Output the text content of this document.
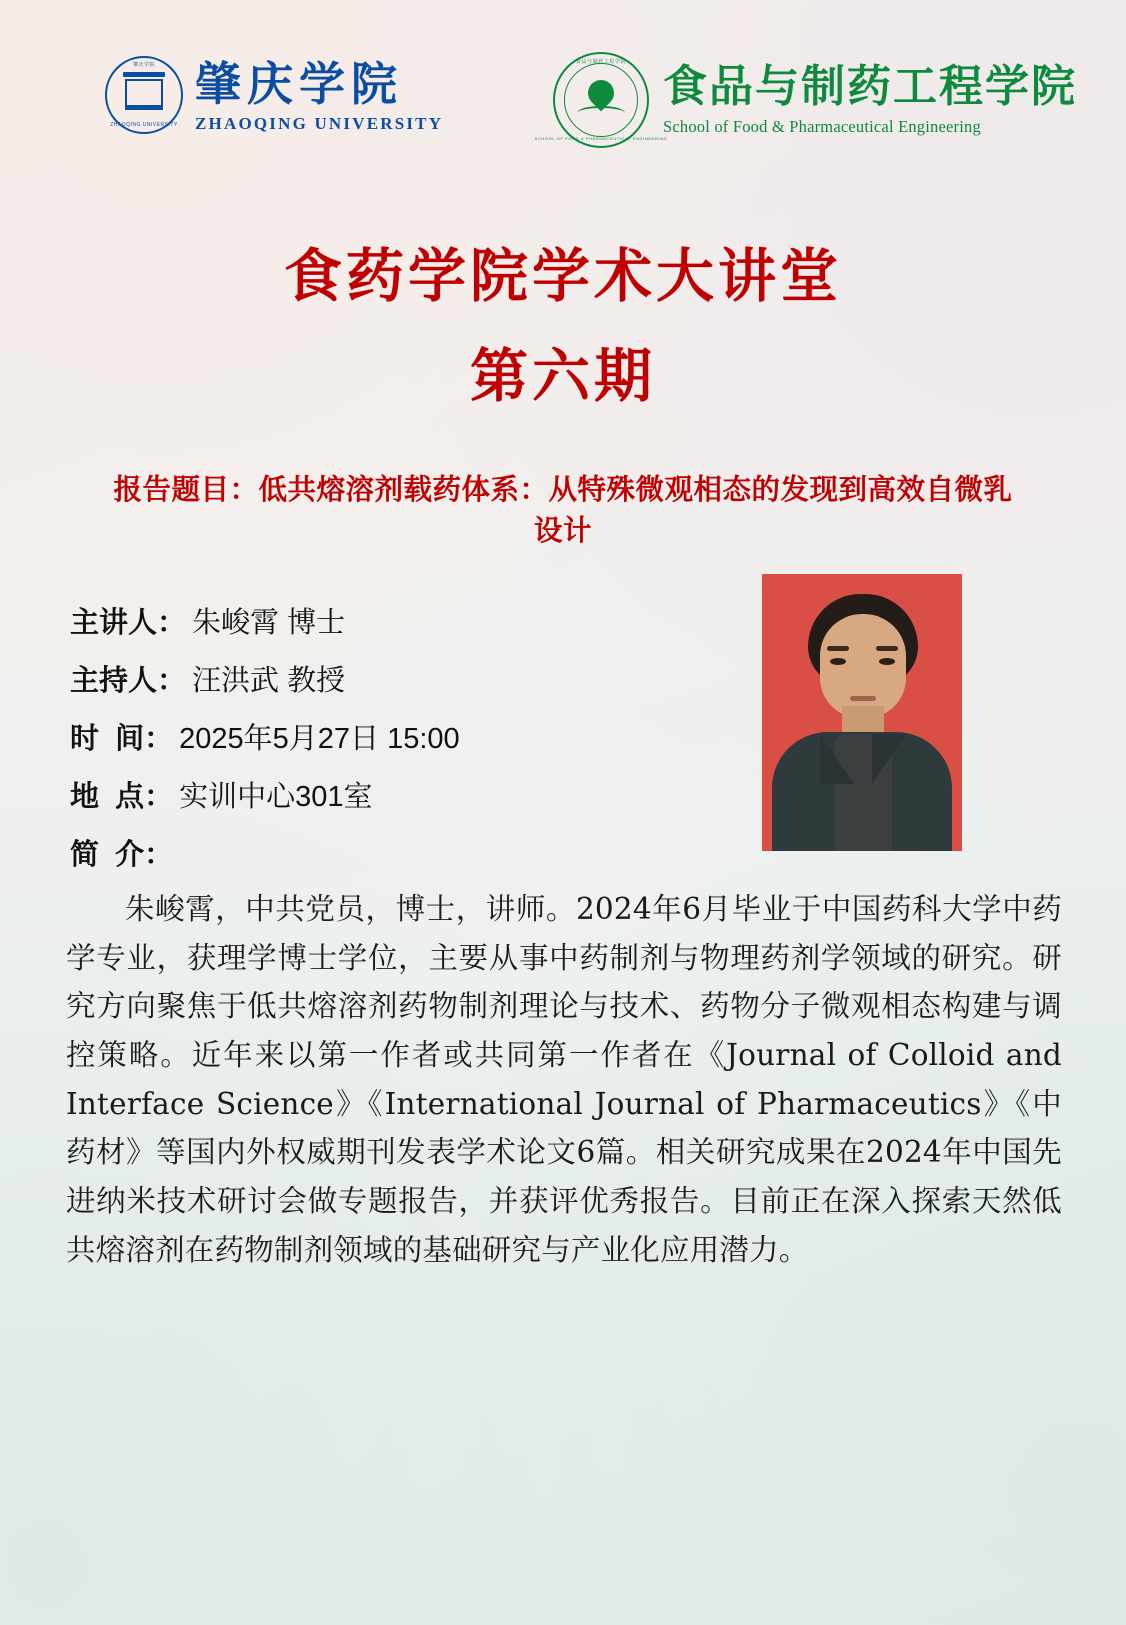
肇庆学院
ZHAOQING UNIVERSITY
肇庆学院
ZHAOQING UNIVERSITY
食品与制药工程学院
SCHOOL OF FOOD & PHARMACEUTICAL ENGINEERING
食品与制药工程学院
School of Food & Pharmaceutical Engineering
食药学院学术大讲堂
第六期
报告题目：低共熔溶剂载药体系：从特殊微观相态的发现到高效自微乳设计
主讲人： 朱峻霄 博士
主持人： 汪洪武 教授
时  间： 2025年5月27日 15:00
地  点： 实训中心301室
简  介：
朱峻霄，中共党员，博士，讲师。2024年6月毕业于中国药科大学中药学专业，获理学博士学位，主要从事中药制剂与物理药剂学领域的研究。研究方向聚焦于低共熔溶剂药物制剂理论与技术、药物分子微观相态构建与调控策略。近年来以第一作者或共同第一作者在《Journal of Colloid and Interface Science》《International Journal of Pharmaceutics》《中药材》等国内外权威期刊发表学术论文6篇。相关研究成果在2024年中国先进纳米技术研讨会做专题报告，并获评优秀报告。目前正在深入探索天然低共熔溶剂在药物制剂领域的基础研究与产业化应用潜力。
